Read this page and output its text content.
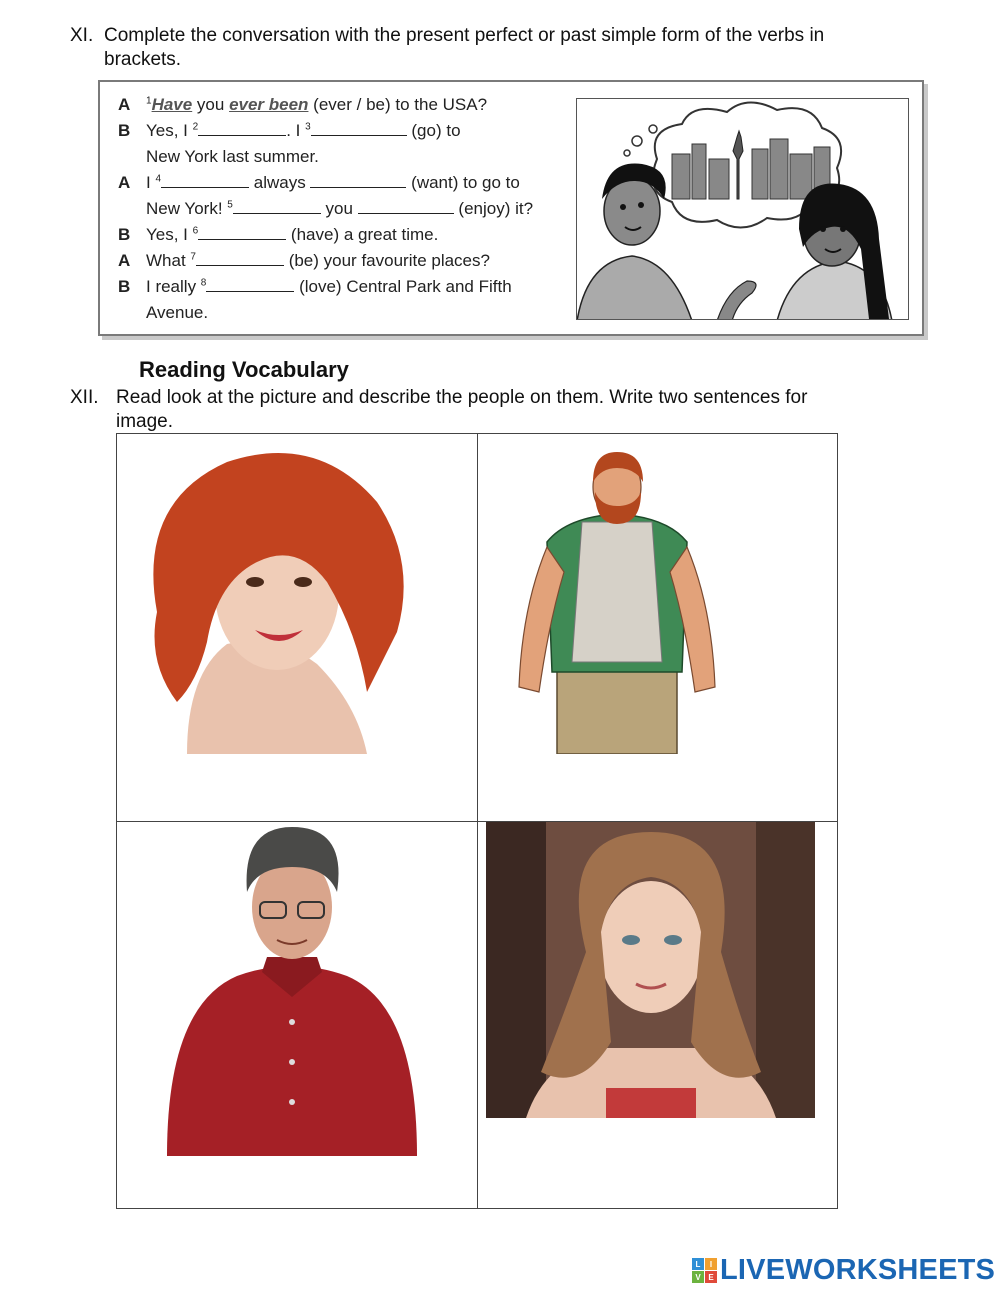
XI. Complete the conversation with the present perfect or past simple form of the verbs in
brackets.
A $^1$Have you ever been (ever / be) to the USA?
B Yes, I $^2$	. I $^3$	(go) to
New York last summer.
A I $^4$	always	(want) to go to
New York! $^5$	you	(enjoy) it?
B Yes, I $^6$	(have) a great time.
A What $^7$	(be) your favourite places?
B I really $^8$	(love) Central Park and Fifth
Avenue.
Reading Vocabulary
XII. Read look at the picture and describe the people on them. Write two sentences for
image.
L	I
V E LIVEWORKSHEETS
